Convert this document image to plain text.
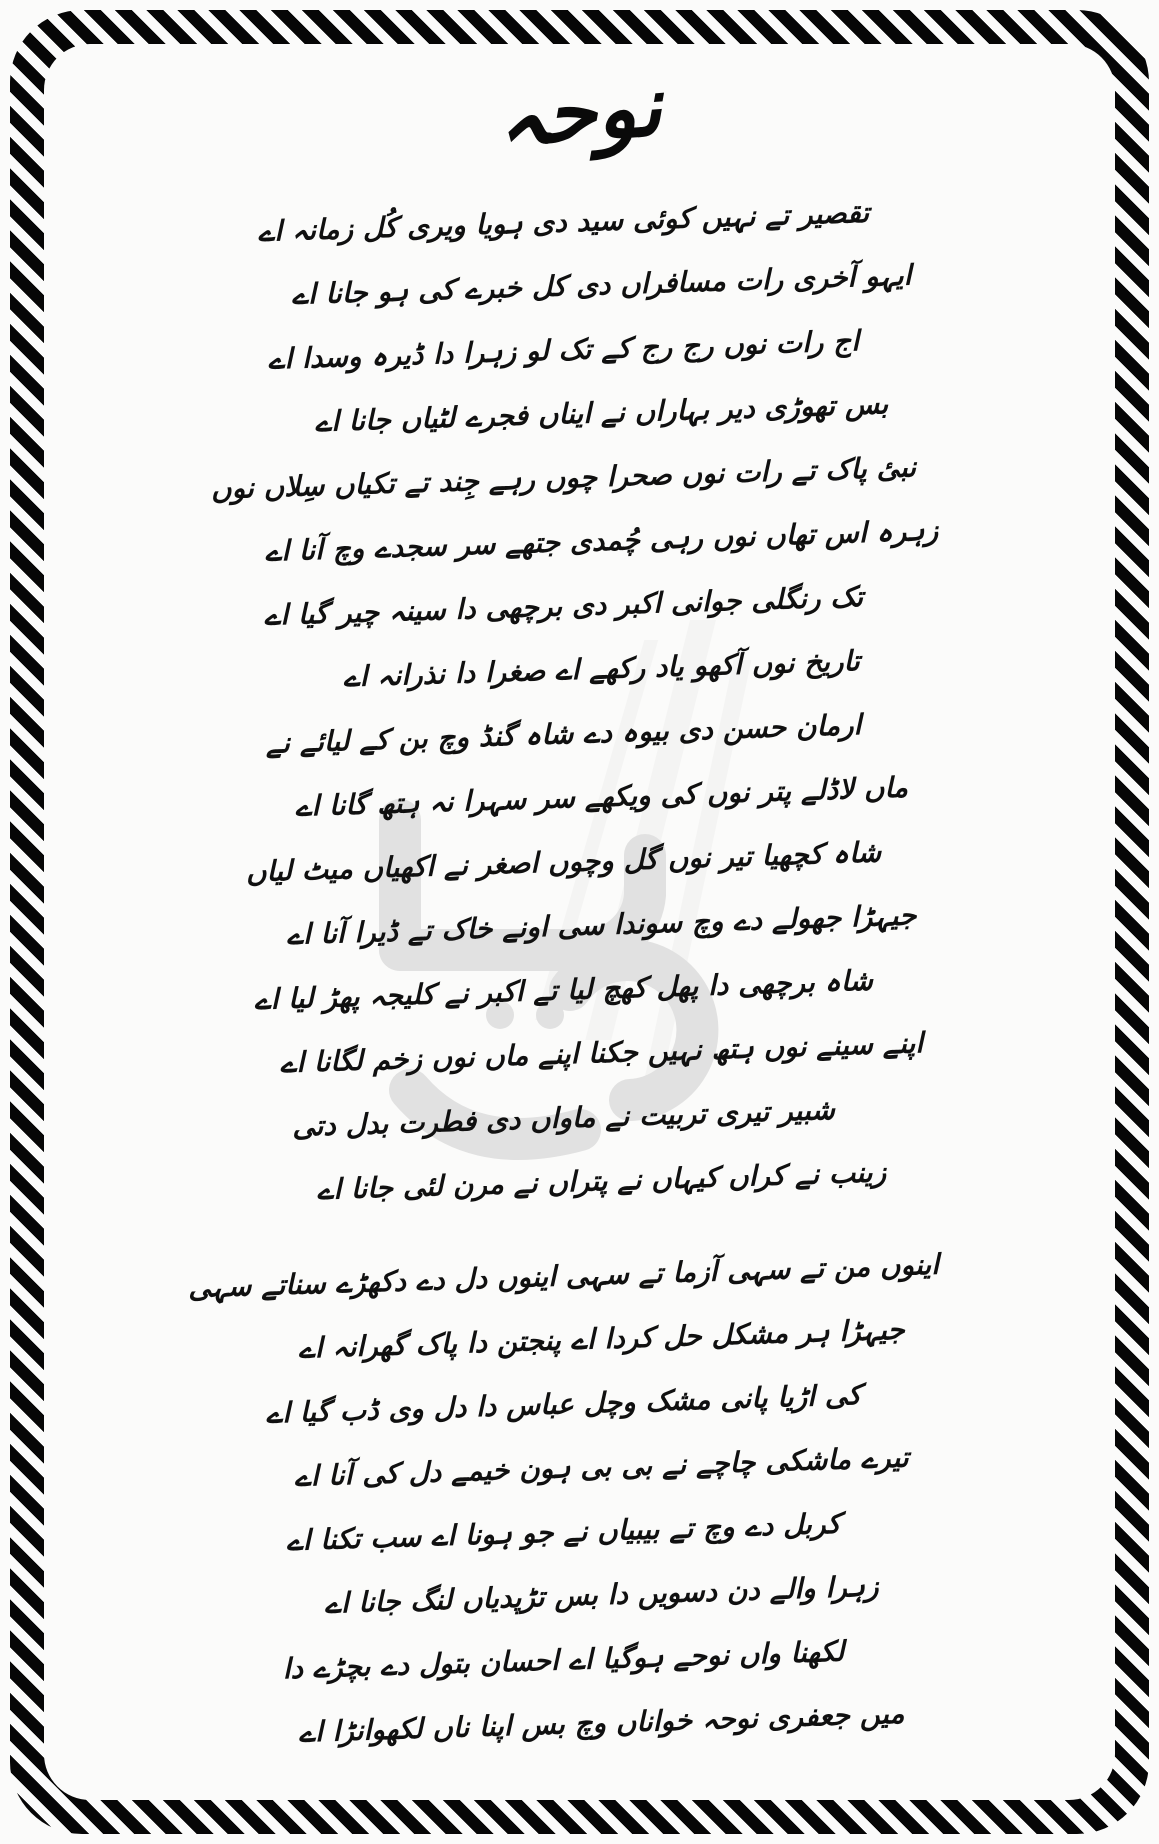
نوحہ
تقصیر تے نہیں کوئی سید دی ہویا ویری کُل زمانہ اے
ایہو آخری رات مسافراں دی کل خبرے کی ہو جانا اے
اج رات نوں رج رج کے تک لو زہرا دا ڈیرہ وسدا اے
بس تھوڑی دیر بہاراں نے ایناں فجرے لٹیاں جانا اے
نبیٔ پاک تے رات نوں صحرا چوں رہے جِند تے تکیاں سِلاں نوں
زہرہ اس تھاں نوں رہی چُمدی جتھے سر سجدے وچ آنا اے
تک رنگلی جوانی اکبر دی برچھی دا سینہ چیر گیا اے
تاریخ نوں آکھو یاد رکھے اے صغرا دا نذرانہ اے
ارمان حسن دی بیوہ دے شاہ گنڈ وچ بن کے لیائے نے
ماں لاڈلے پتر نوں کی ویکھے سر سہرا نہ ہتھ گانا اے
شاہ کچھیا تیر نوں گل وچوں اصغر نے اکھیاں میٹ لیاں
جیہڑا جھولے دے وچ سوندا سی اونے خاک تے ڈیرا آنا اے
شاہ برچھی دا پھل کھچ لیا تے اکبر نے کلیجہ پھڑ لیا اے
اپنے سینے نوں ہتھ نہیں جکنا اپنے ماں نوں زخم لگانا اے
شبیر تیری تربیت نے ماواں دی فطرت بدل دتی
زینب نے کراں کیہاں نے پتراں نے مرن لئی جانا اے
اینوں من تے سہی آزما تے سہی اینوں دل دے دکھڑے سناتے سہی
جیہڑا ہر مشکل حل کردا اے پنجتن دا پاک گھرانہ اے
کی اڑیا پانی مشک وچل عباس دا دل وی ڈب گیا اے
تیرے ماشکی چاچے نے بی بی ہون خیمے دل کی آنا اے
کربل دے وچ تے بیبیاں نے جو ہونا اے سب تکنا اے
زہرا والے دن دسویں دا بس تڑپدیاں لنگ جانا اے
لکھنا واں نوحے ہوگیا اے احسان بتول دے بچڑے دا
میں جعفری نوحہ خواناں وچ بس اپنا ناں لکھوانڑا اے
